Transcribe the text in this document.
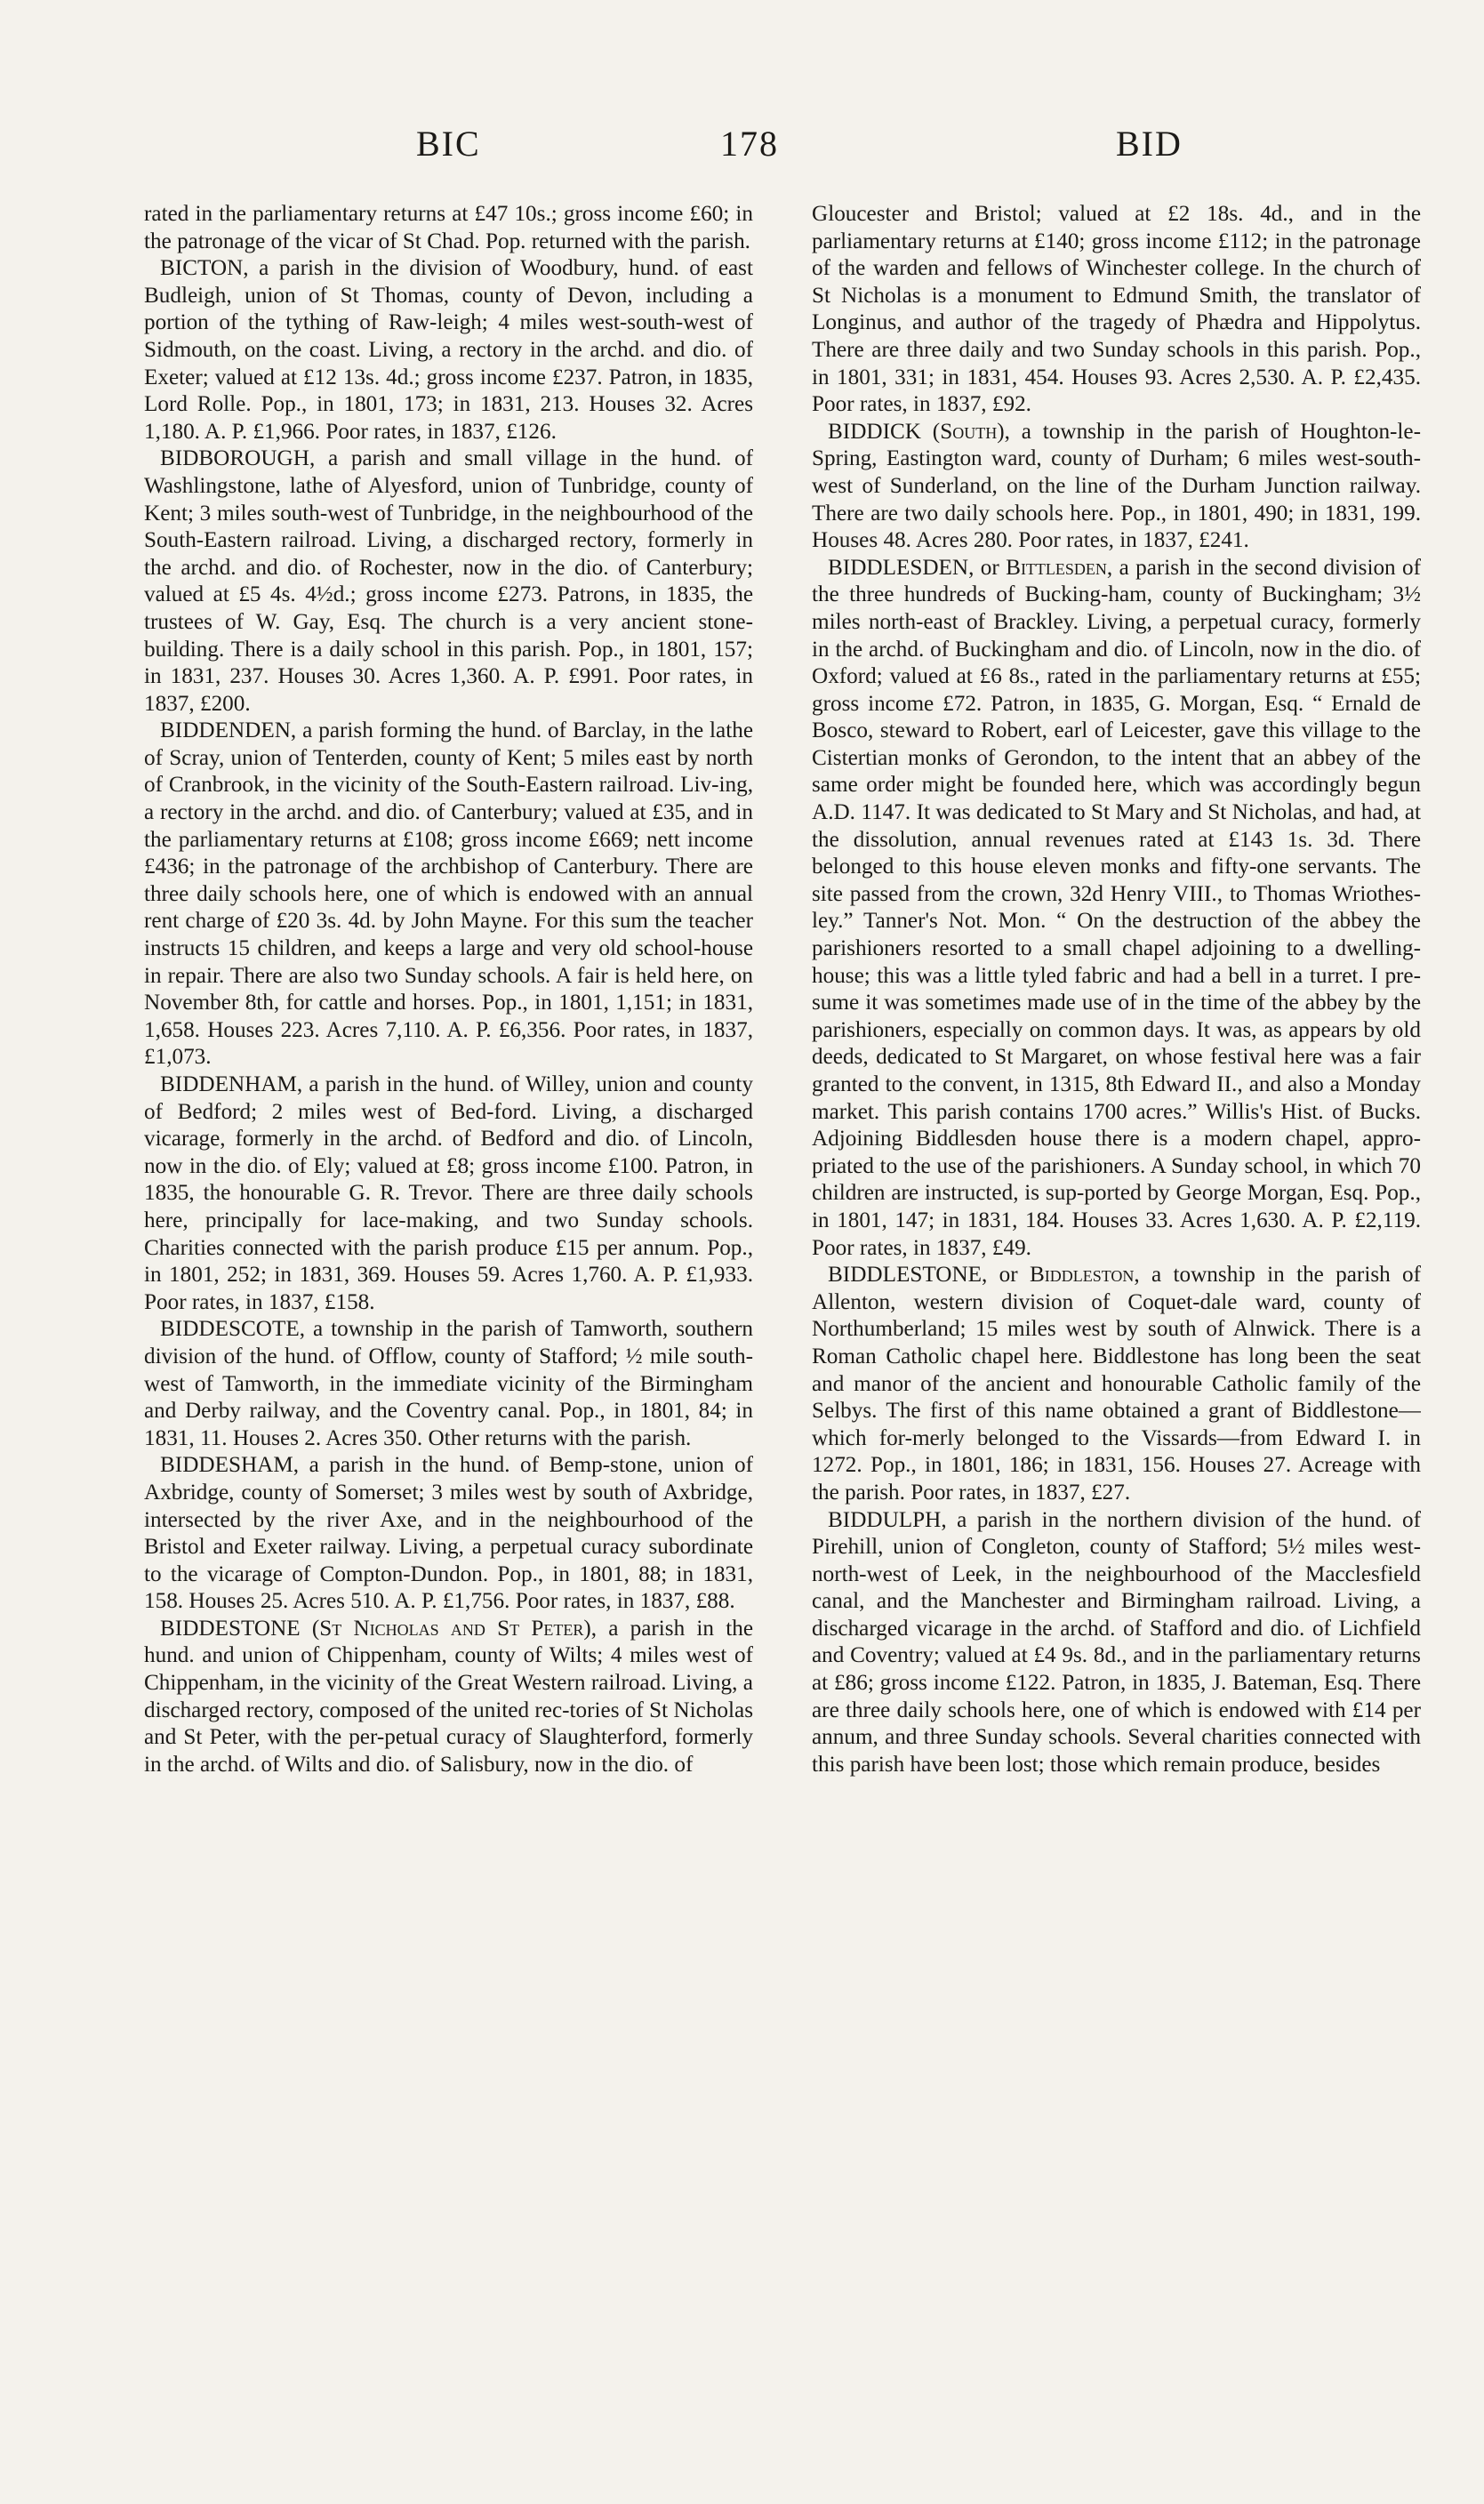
BIC	178	BID

rated in the parliamentary returns at £47 10s.; gross income £60; in the patronage of the vicar of St Chad. Pop. returned with the parish.

BICTON, a parish in the division of Woodbury, hund. of east Budleigh, union of St Thomas, county of Devon, including a portion of the tything of Raw-leigh; 4 miles west-south-west of Sidmouth, on the coast. Living, a rectory in the archd. and dio. of Exeter; valued at £12 13s. 4d.; gross income £237. Patron, in 1835, Lord Rolle. Pop., in 1801, 173; in 1831, 213. Houses 32. Acres 1,180. A. P. £1,966. Poor rates, in 1837, £126.

BIDBOROUGH, a parish and small village in the hund. of Washlingstone, lathe of Alyesford, union of Tunbridge, county of Kent; 3 miles south-west of Tunbridge, in the neighbourhood of the South-Eastern railroad. Living, a discharged rectory, formerly in the archd. and dio. of Rochester, now in the dio. of Canterbury; valued at £5 4s. 4½d.; gross income £273. Patrons, in 1835, the trustees of W. Gay, Esq. The church is a very ancient stone-building. There is a daily school in this parish. Pop., in 1801, 157; in 1831, 237. Houses 30. Acres 1,360. A. P. £991. Poor rates, in 1837, £200.

BIDDENDEN, a parish forming the hund. of Barclay, in the lathe of Scray, union of Tenterden, county of Kent; 5 miles east by north of Cranbrook, in the vicinity of the South-Eastern railroad. Liv-ing, a rectory in the archd. and dio. of Canterbury; valued at £35, and in the parliamentary returns at £108; gross income £669; nett income £436; in the patronage of the archbishop of Canterbury. There are three daily schools here, one of which is endowed with an annual rent charge of £20 3s. 4d. by John Mayne. For this sum the teacher instructs 15 children, and keeps a large and very old school-house in repair. There are also two Sunday schools. A fair is held here, on November 8th, for cattle and horses. Pop., in 1801, 1,151; in 1831, 1,658. Houses 223. Acres 7,110. A. P. £6,356. Poor rates, in 1837, £1,073.

BIDDENHAM, a parish in the hund. of Willey, union and county of Bedford; 2 miles west of Bed-ford. Living, a discharged vicarage, formerly in the archd. of Bedford and dio. of Lincoln, now in the dio. of Ely; valued at £8; gross income £100. Patron, in 1835, the honourable G. R. Trevor. There are three daily schools here, principally for lace-making, and two Sunday schools. Charities connected with the parish produce £15 per annum. Pop., in 1801, 252; in 1831, 369. Houses 59. Acres 1,760. A. P. £1,933. Poor rates, in 1837, £158.

BIDDESCOTE, a township in the parish of Tamworth, southern division of the hund. of Offlow, county of Stafford; ½ mile south-west of Tamworth, in the immediate vicinity of the Birmingham and Derby railway, and the Coventry canal. Pop., in 1801, 84; in 1831, 11. Houses 2. Acres 350. Other returns with the parish.

BIDDESHAM, a parish in the hund. of Bemp-stone, union of Axbridge, county of Somerset; 3 miles west by south of Axbridge, intersected by the river Axe, and in the neighbourhood of the Bristol and Exeter railway. Living, a perpetual curacy subordinate to the vicarage of Compton-Dundon. Pop., in 1801, 88; in 1831, 158. Houses 25. Acres 510. A. P. £1,756. Poor rates, in 1837, £88.

BIDDESTONE (St Nicholas and St Peter), a parish in the hund. and union of Chippenham, county of Wilts; 4 miles west of Chippenham, in the vicinity of the Great Western railroad. Living, a discharged rectory, composed of the united rec-tories of St Nicholas and St Peter, with the per-petual curacy of Slaughterford, formerly in the archd. of Wilts and dio. of Salisbury, now in the dio. of

Gloucester and Bristol; valued at £2 18s. 4d., and in the parliamentary returns at £140; gross income £112; in the patronage of the warden and fellows of Winchester college. In the church of St Nicholas is a monument to Edmund Smith, the translator of Longinus, and author of the tragedy of Phædra and Hippolytus. There are three daily and two Sunday schools in this parish. Pop., in 1801, 331; in 1831, 454. Houses 93. Acres 2,530. A. P. £2,435. Poor rates, in 1837, £92.

BIDDICK (South), a township in the parish of Houghton-le-Spring, Eastington ward, county of Durham; 6 miles west-south-west of Sunderland, on the line of the Durham Junction railway. There are two daily schools here. Pop., in 1801, 490; in 1831, 199. Houses 48. Acres 280. Poor rates, in 1837, £241.

BIDDLESDEN, or Bittlesden, a parish in the second division of the three hundreds of Bucking-ham, county of Buckingham; 3½ miles north-east of Brackley. Living, a perpetual curacy, formerly in the archd. of Buckingham and dio. of Lincoln, now in the dio. of Oxford; valued at £6 8s., rated in the parliamentary returns at £55; gross income £72. Patron, in 1835, G. Morgan, Esq. “ Ernald de Bosco, steward to Robert, earl of Leicester, gave this village to the Cistertian monks of Gerondon, to the intent that an abbey of the same order might be founded here, which was accordingly begun A.D. 1147. It was dedicated to St Mary and St Nicholas, and had, at the dissolution, annual revenues rated at £143 1s. 3d. There belonged to this house eleven monks and fifty-one servants. The site passed from the crown, 32d Henry VIII., to Thomas Wriothes-ley.” Tanner's Not. Mon. “ On the destruction of the abbey the parishioners resorted to a small chapel adjoining to a dwelling-house; this was a little tyled fabric and had a bell in a turret. I pre-sume it was sometimes made use of in the time of the abbey by the parishioners, especially on common days. It was, as appears by old deeds, dedicated to St Margaret, on whose festival here was a fair granted to the convent, in 1315, 8th Edward II., and also a Monday market. This parish contains 1700 acres.” Willis's Hist. of Bucks. Adjoining Biddlesden house there is a modern chapel, appro-priated to the use of the parishioners. A Sunday school, in which 70 children are instructed, is sup-ported by George Morgan, Esq. Pop., in 1801, 147; in 1831, 184. Houses 33. Acres 1,630. A. P. £2,119. Poor rates, in 1837, £49.

BIDDLESTONE, or Biddleston, a township in the parish of Allenton, western division of Coquet-dale ward, county of Northumberland; 15 miles west by south of Alnwick. There is a Roman Catholic chapel here. Biddlestone has long been the seat and manor of the ancient and honourable Catholic family of the Selbys. The first of this name obtained a grant of Biddlestone—which for-merly belonged to the Vissards—from Edward I. in 1272. Pop., in 1801, 186; in 1831, 156. Houses 27. Acreage with the parish. Poor rates, in 1837, £27.

BIDDULPH, a parish in the northern division of the hund. of Pirehill, union of Congleton, county of Stafford; 5½ miles west-north-west of Leek, in the neighbourhood of the Macclesfield canal, and the Manchester and Birmingham railroad. Living, a discharged vicarage in the archd. of Stafford and dio. of Lichfield and Coventry; valued at £4 9s. 8d., and in the parliamentary returns at £86; gross income £122. Patron, in 1835, J. Bateman, Esq. There are three daily schools here, one of which is endowed with £14 per annum, and three Sunday schools. Several charities connected with this parish have been lost; those which remain produce, besides
